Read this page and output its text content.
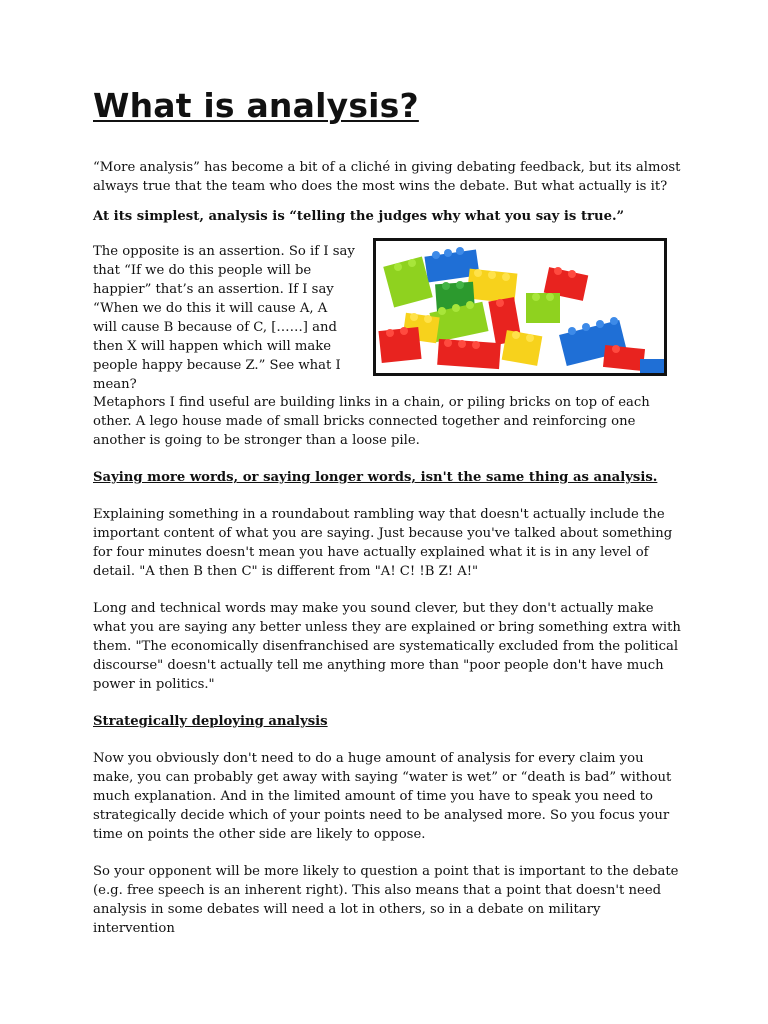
What is analysis?

“More analysis” has become a bit of a cliché in giving debating feedback, but its almost always true that the team who does the most wins the debate. But what actually is it?

At its simplest, analysis is “telling the judges why what you say is true.”

The opposite is an assertion. So if I say that “If we do this people will be happier” that’s an assertion. If I say “When we do this it will cause A, A will cause B because of C, [……] and then X will happen which will make people happy because Z.” See what I mean?

Metaphors I find useful are building links in a chain, or piling bricks on top of each other. A lego house made of small bricks connected together and reinforcing one another is going to be stronger than a loose pile.

Saying more words, or saying longer words, isn't the same thing as analysis.

Explaining something in a roundabout rambling way that doesn't actually include the important content of what you are saying. Just because you've talked about something for four minutes doesn't mean you have actually explained what it is in any level of detail. "A then B then C" is different from "A! C! !B Z! A!"

Long and technical words may make you sound clever, but they don't actually make what you are saying any better unless they are explained or bring something extra with them. "The economically disenfranchised are systematically excluded from the political discourse" doesn't actually tell me anything more than "poor people don't have much power in politics."

Strategically deploying analysis

Now you obviously don't need to do a huge amount of analysis for every claim you make, you can probably get away with saying “water is wet” or “death is bad” without much explanation. And in the limited amount of time you have to speak you need to strategically decide which of your points need to be analysed more. So you focus your time on points the other side are likely to oppose.

So your opponent will be more likely to question a point that is important to the debate (e.g. free speech is an inherent right). This also means that a point that doesn't need analysis in some debates will need a lot in others, so in a debate on military intervention
